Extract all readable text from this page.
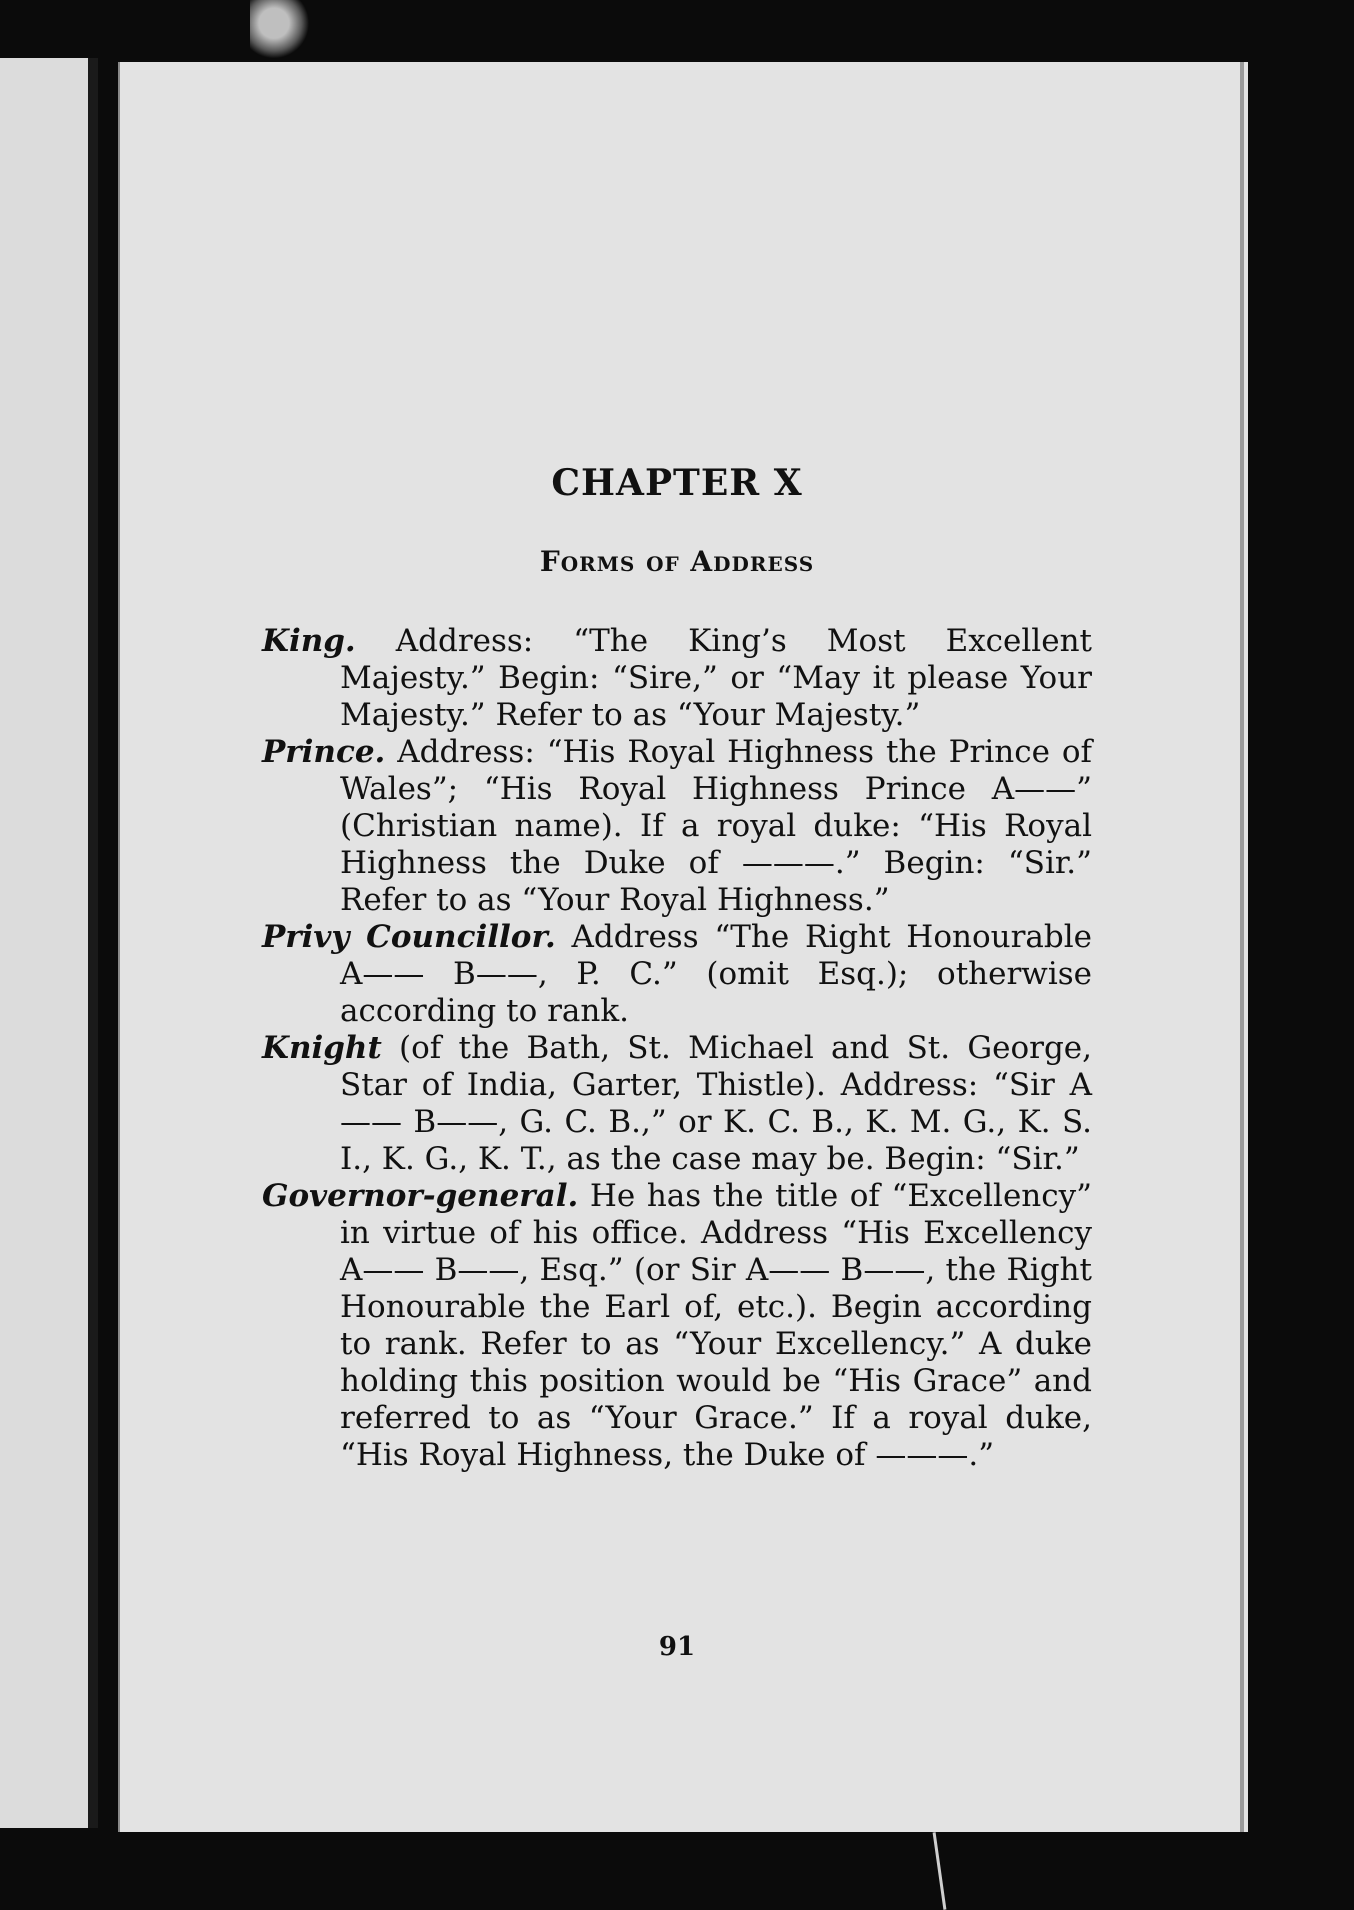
CHAPTER X
Forms of Address

King. Address: “The King’s Most Excellent Majesty.” Begin: “Sire,” or “May it please Your Majesty.” Refer to as “Your Majesty.”

Prince. Address: “His Royal Highness the Prince of Wales”; “His Royal Highness Prince A——” (Christian name). If a royal duke: “His Royal Highness the Duke of ———.” Begin: “Sir.” Refer to as “Your Royal Highness.”

Privy Councillor. Address “The Right Honourable A—— B——, P. C.” (omit Esq.); otherwise according to rank.

Knight (of the Bath, St. Michael and St. George, Star of India, Garter, Thistle). Address: “Sir A—— B——, G. C. B.,” or K. C. B., K. M. G., K. S. I., K. G., K. T., as the case may be. Begin: “Sir.”

Governor-general. He has the title of “Excellency” in virtue of his office. Address “His Excellency A—— B——, Esq.” (or Sir A—— B——, the Right Honourable the Earl of, etc.). Begin according to rank. Refer to as “Your Excellency.” A duke holding this position would be “His Grace” and referred to as “Your Grace.” If a royal duke, “His Royal Highness, the Duke of ———.”

91
